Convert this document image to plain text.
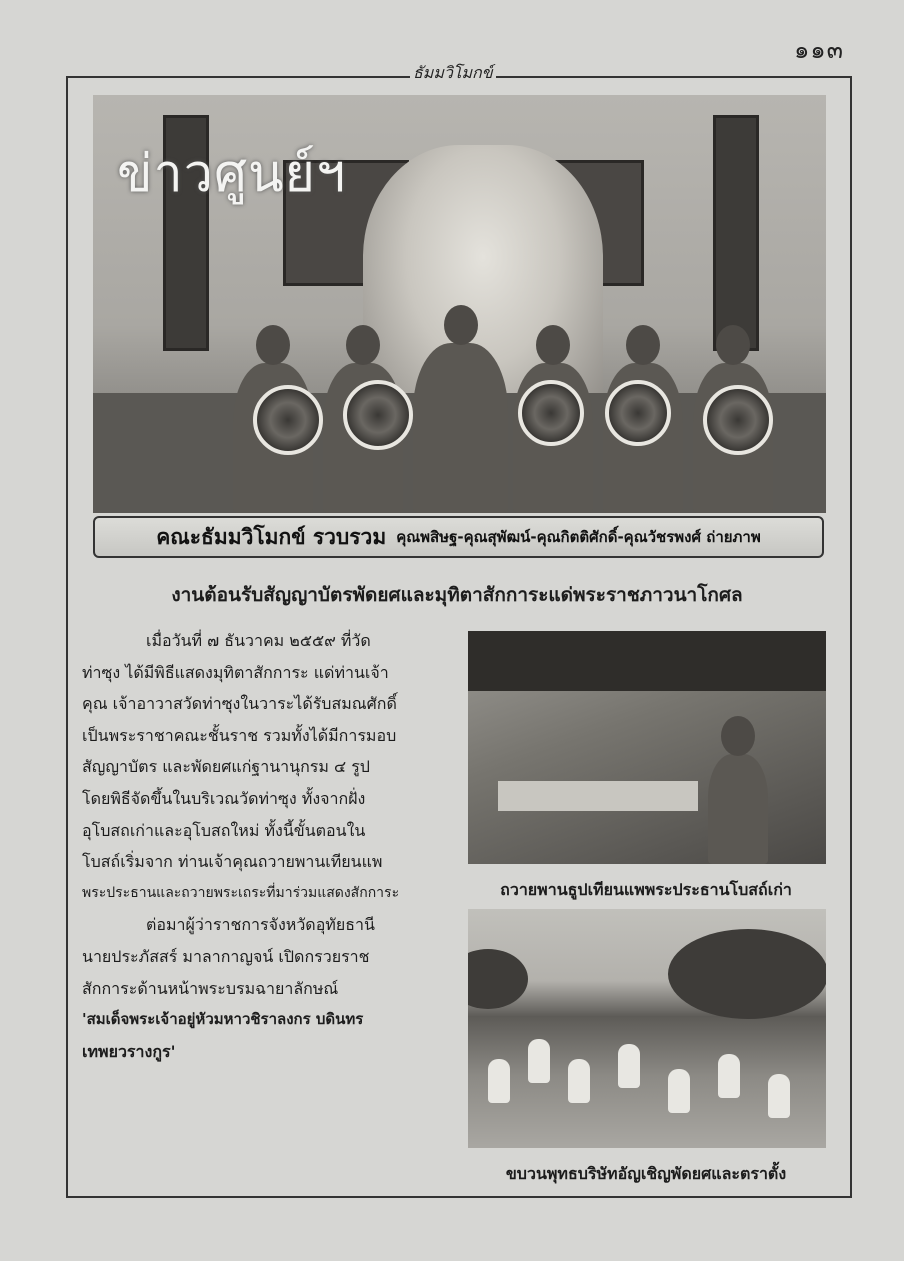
๑๑๓
ธัมมวิโมกข์
ข่าวศูนย์ฯ
คณะธัมมวิโมกข์ รวบรวม คุณพสิษฐ-คุณสุพัฒน์-คุณกิตติศักดิ์-คุณวัชรพงศ์ ถ่ายภาพ
งานต้อนรับสัญญาบัตรพัดยศและมุทิตาสักการะแด่พระราชภาวนาโกศล

เมื่อวันที่ ๗ ธันวาคม ๒๕๕๙ ที่วัด

ท่าซุง ได้มีพิธีแสดงมุทิตาสักการะ แด่ท่านเจ้า

คุณ เจ้าอาวาสวัดท่าซุงในวาระได้รับสมณศักดิ์

เป็นพระราชาคณะชั้นราช รวมทั้งได้มีการมอบ

สัญญาบัตร และพัดยศแก่ฐานานุกรม ๔ รูป

โดยพิธีจัดขึ้นในบริเวณวัดท่าซุง ทั้งจากฝั่ง

อุโบสถเก่าและอุโบสถใหม่ ทั้งนี้ขั้นตอนใน

โบสถ์เริ่มจาก ท่านเจ้าคุณถวายพานเทียนแพ

พระประธานและถวายพระเถระที่มาร่วมแสดงสักการะ

ต่อมาผู้ว่าราชการจังหวัดอุทัยธานี

นายประภัสสร์ มาลากาญจน์ เปิดกรวยราช

สักการะด้านหน้าพระบรมฉายาลักษณ์

'สมเด็จพระเจ้าอยู่หัวมหาวชิราลงกร บดินทร

เทพยวรางกูร'

ถวายพานธูปเทียนแพพระประธานโบสถ์เก่า
ขบวนพุทธบริษัทอัญเชิญพัดยศและตราตั้ง
